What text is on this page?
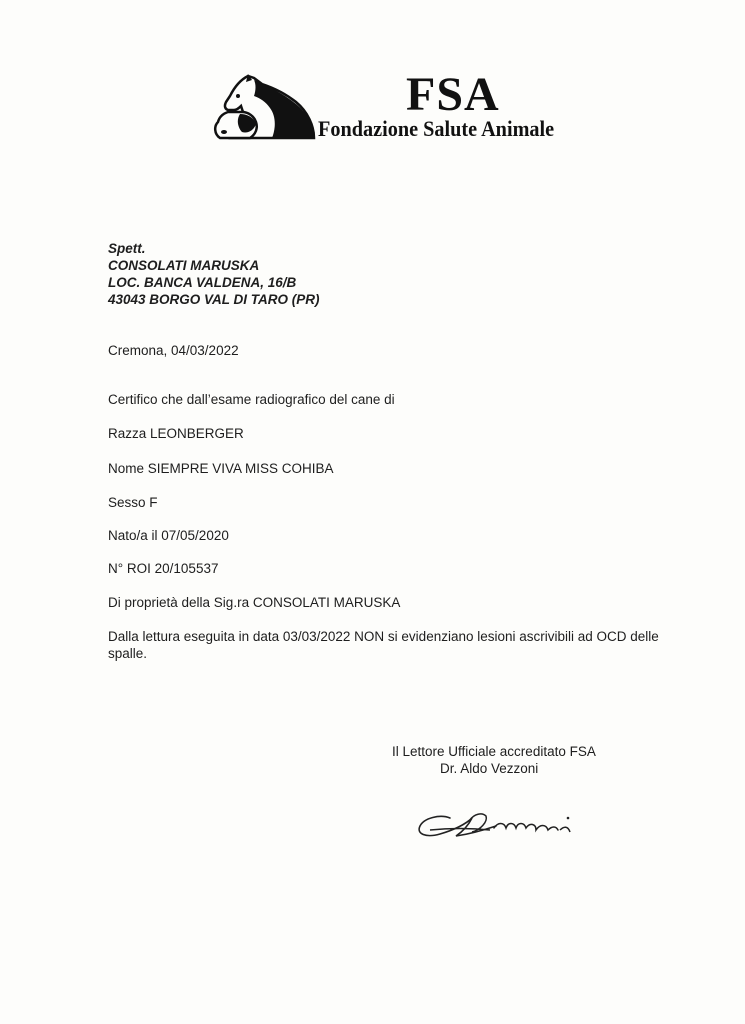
FSA
Fondazione Salute Animale
Spett.
CONSOLATI MARUSKA
LOC. BANCA VALDENA, 16/B
43043 BORGO VAL DI TARO (PR)
Cremona, 04/03/2022
Certifico che dall’esame radiografico del cane di
Razza LEONBERGER
Nome SIEMPRE VIVA MISS COHIBA
Sesso F
Nato/a il 07/05/2020
N° ROI 20/105537
Di proprietà della Sig.ra CONSOLATI MARUSKA
Dalla lettura eseguita in data 03/03/2022 NON si evidenziano lesioni ascrivibili ad OCD delle spalle.
Il Lettore Ufficiale accreditato FSA
Dr. Aldo Vezzoni
